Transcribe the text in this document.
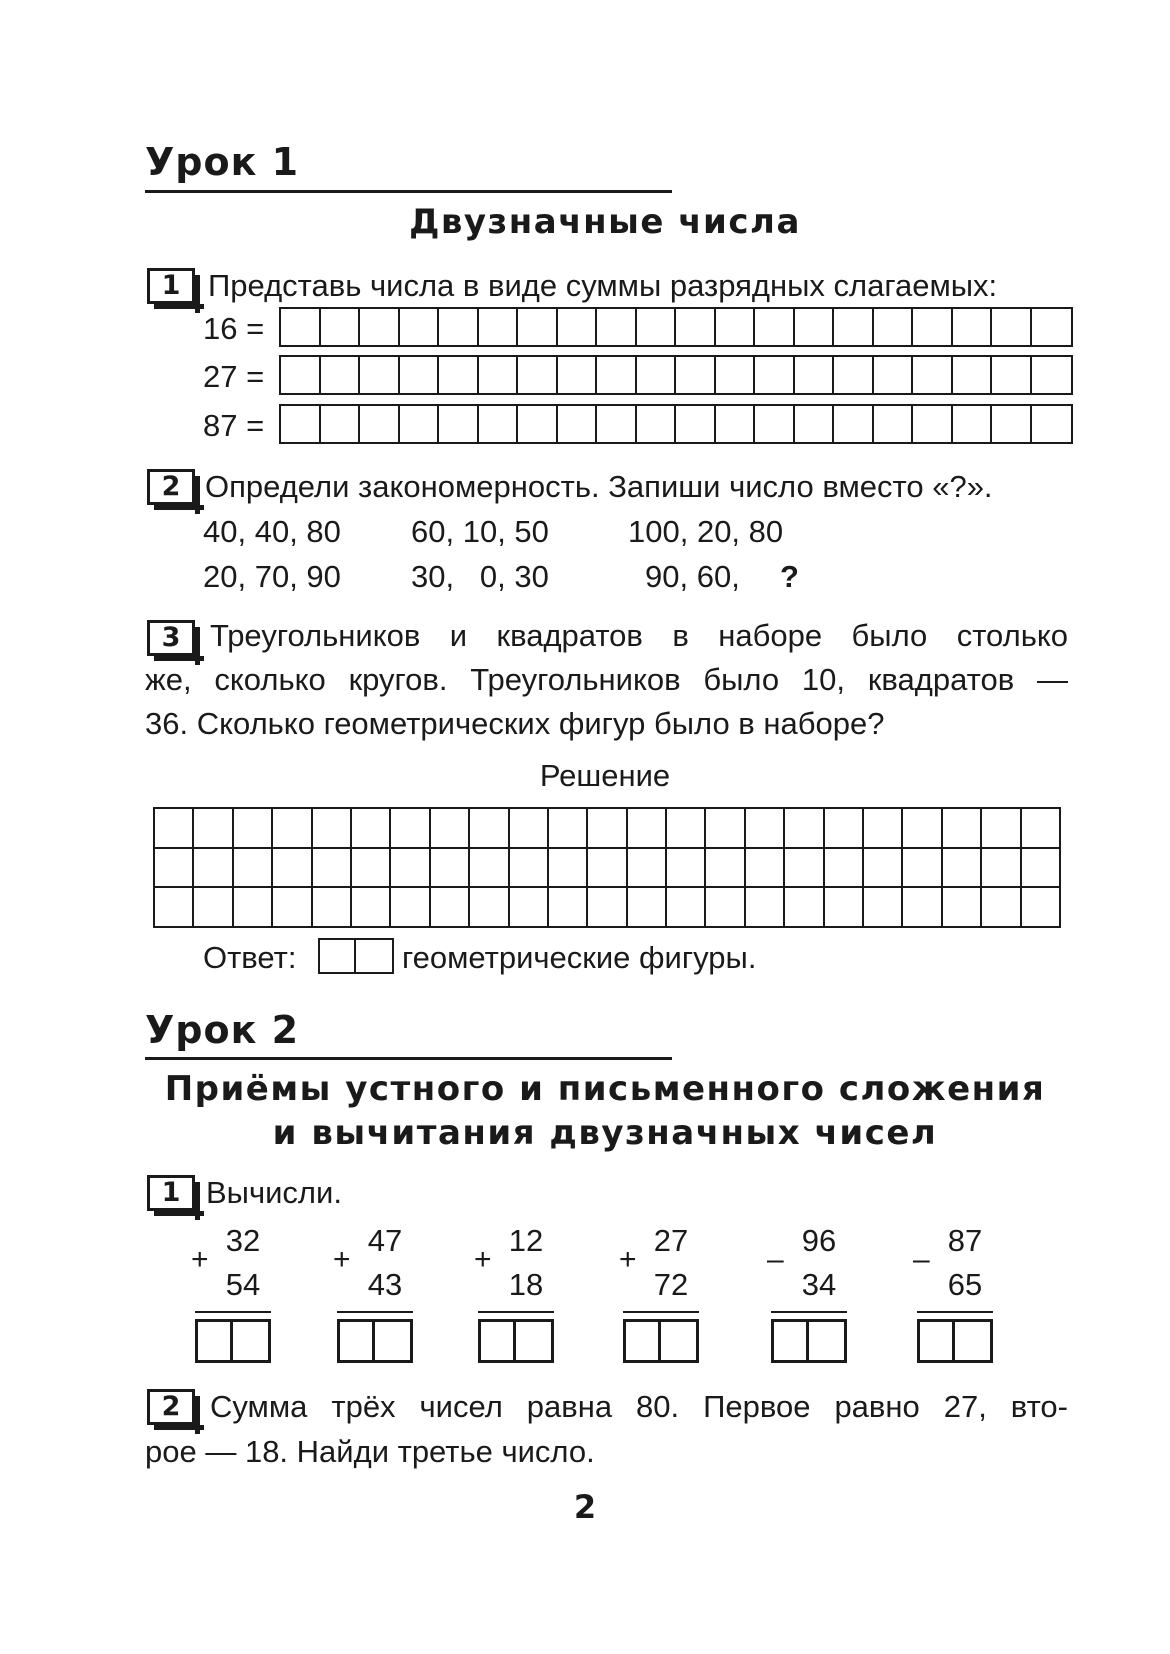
Урок 1
Двузначные числа
1 Представь числа в виде суммы разрядных слагаемых:
16 =
27 =
87 =
2 Определи закономерность. Запиши число вместо «?».
40, 40, 80 60, 10, 50	100, 20, 80
20, 70, 90 30,   0, 30	90, 60, ?
3 Треугольников и квадратов в наборе было столько
же, сколько кругов. Треугольников было 10, квадратов —
36. Сколько геометрических фигур было в наборе?
Решение
Ответ:	геометрические фигуры.
Урок 2
Приёмы устного и письменного сложения
и вычитания двузначных чисел
1 Вычисли.
+
32
54
+
47
43
+
12
18
+
27
72
–
96
34
–
87
65
2 Сумма трёх чисел равна 80. Первое равно 27, вто-
рое — 18. Найди третье число.
2
